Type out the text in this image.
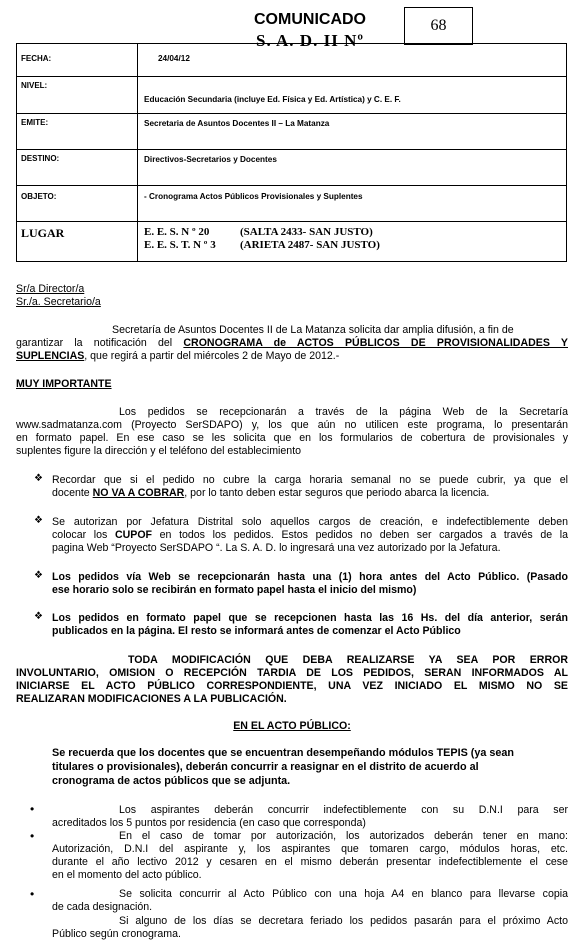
COMUNICADO
S. A. D. II Nº
68
FECHA:	24/04/12
NIVEL:	Educación Secundaria (incluye Ed. Física y Ed. Artística) y C. E. F.
EMITE:	Secretaria de Asuntos Docentes II – La Matanza
DESTINO:	Directivos-Secretarios y Docentes
OBJETO:	- Cronograma Actos Públicos Provisionales y Suplentes
LUGAR	E. E. S. N º 20 (SALTA 2433- SAN JUSTO)
E. E. S. T. N º 3 (ARIETA 2487- SAN JUSTO)
Sr/a Director/a
Sr./a. Secretario/a
Secretaría de Asuntos Docentes II de La Matanza solicita dar amplia difusión, a fin de
garantizar la notificación del CRONOGRAMA de ACTOS PÚBLICOS DE PROVISIONALIDADES Y
SUPLENCIAS, que regirá a partir del miércoles 2 de Mayo de 2012.-
MUY IMPORTANTE
Los pedidos se recepcionarán a través de la página Web de la Secretaría
www.sadmatanza.com (Proyecto SerSDAPO) y, los que aún no utilicen este programa, lo presentarán
en formato papel. En ese caso se les solicita que en los formularios de cobertura de provisionales y
suplentes figure la dirección y el teléfono del establecimiento
❖ Recordar que si el pedido no cubre la carga horaria semanal no se puede cubrir, ya que el
docente NO VA A COBRAR, por lo tanto deben estar seguros que periodo abarca la licencia.
❖ Se autorizan por Jefatura Distrital solo aquellos cargos de creación, e indefectiblemente deben
colocar los CUPOF en todos los pedidos. Estos pedidos no deben ser cargados a través de la
pagina Web “Proyecto SerSDAPO “. La S. A. D. lo ingresará una vez autorizado por la Jefatura.
❖ Los pedidos vía Web se recepcionarán hasta una (1) hora antes del Acto Público. (Pasado
ese horario solo se recibirán en formato papel hasta el inicio del mismo)
❖ Los pedidos en formato papel que se recepcionen hasta las 16 Hs. del día anterior, serán
publicados en la página. El resto se informará antes de comenzar el Acto Público
TODA MODIFICACIÓN QUE DEBA REALIZARSE YA SEA POR ERROR
INVOLUNTARIO, OMISION O RECEPCIÓN TARDIA DE LOS PEDIDOS, SERAN INFORMADOS AL
INICIARSE EL ACTO PÚBLICO CORRESPONDIENTE, UNA VEZ INICIADO EL MISMO NO SE
REALIZARAN MODIFICACIONES A LA PUBLICACIÓN.
EN EL ACTO PÚBLICO:
Se recuerda que los docentes que se encuentran desempeñando módulos TEPIS (ya sean
titulares o provisionales), deberán concurrir a reasignar en el distrito de acuerdo al
cronograma de actos públicos que se adjunta.
•	Los aspirantes deberán concurrir indefectiblemente con su D.N.I para ser
acreditados los 5 puntos por residencia (en caso que corresponda)
•	En el caso de tomar por autorización, los autorizados deberán tener en mano:
Autorización, D.N.I del aspirante y, los aspirantes que tomaren cargo, módulos horas, etc.
durante el año lectivo 2012 y cesaren en el mismo deberán presentar indefectiblemente el cese
en el momento del acto público.
•	Se solicita concurrir al Acto Público con una hoja A4 en blanco para llevarse copia
de cada designación.
Si alguno de los días se decretara feriado los pedidos pasarán para el próximo Acto
Público según cronograma.
